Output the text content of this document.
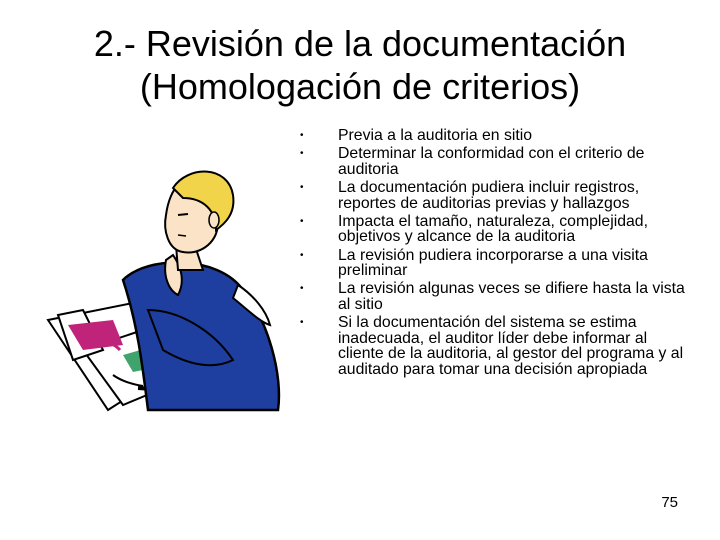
2.- Revisión de la documentación
(Homologación de criterios)
• Previa a la auditoria en sitio
• Determinar la conformidad con el criterio de auditoria
• La documentación pudiera incluir registros, reportes de auditorias previas y hallazgos
• Impacta el tamaño, naturaleza, complejidad, objetivos y alcance de la auditoria
• La revisión pudiera incorporarse a una visita preliminar
• La revisión algunas veces se difiere hasta la vista al sitio
• Si la documentación del sistema se estima inadecuada, el auditor líder debe informar al cliente de la auditoria, al gestor del programa y al auditado para tomar una decisión apropiada
75
